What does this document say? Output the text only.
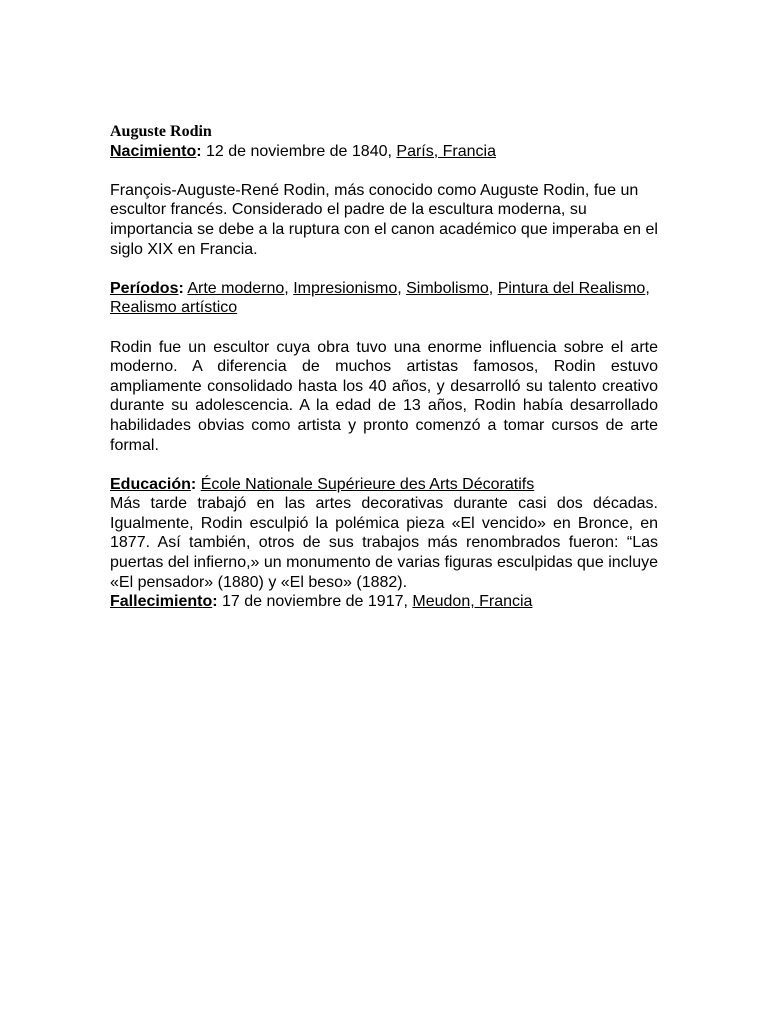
Auguste Rodin

Nacimiento: 12 de noviembre de 1840, París, Francia

François-Auguste-René Rodin, más conocido como Auguste Rodin, fue un escultor francés. Considerado el padre de la escultura moderna, su importancia se debe a la ruptura con el canon académico que imperaba en el siglo XIX en Francia.

Períodos: Arte moderno, Impresionismo, Simbolismo, Pintura del Realismo, Realismo artístico

Rodin fue un escultor cuya obra tuvo una enorme influencia sobre el arte moderno. A diferencia de muchos artistas famosos, Rodin estuvo ampliamente consolidado hasta los 40 años, y desarrolló su talento creativo durante su adolescencia. A la edad de 13 años, Rodin había desarrollado habilidades obvias como artista y pronto comenzó a tomar cursos de arte formal.

Educación: École Nationale Supérieure des Arts Décoratifs

Más tarde trabajó en las artes decorativas durante casi dos décadas. Igualmente, Rodin esculpió la polémica pieza «El vencido» en Bronce, en 1877. Así también, otros de sus trabajos más renombrados fueron: “Las puertas del infierno,» un monumento de varias figuras esculpidas que incluye «El pensador» (1880) y «El beso» (1882).

Fallecimiento: 17 de noviembre de 1917, Meudon, Francia
